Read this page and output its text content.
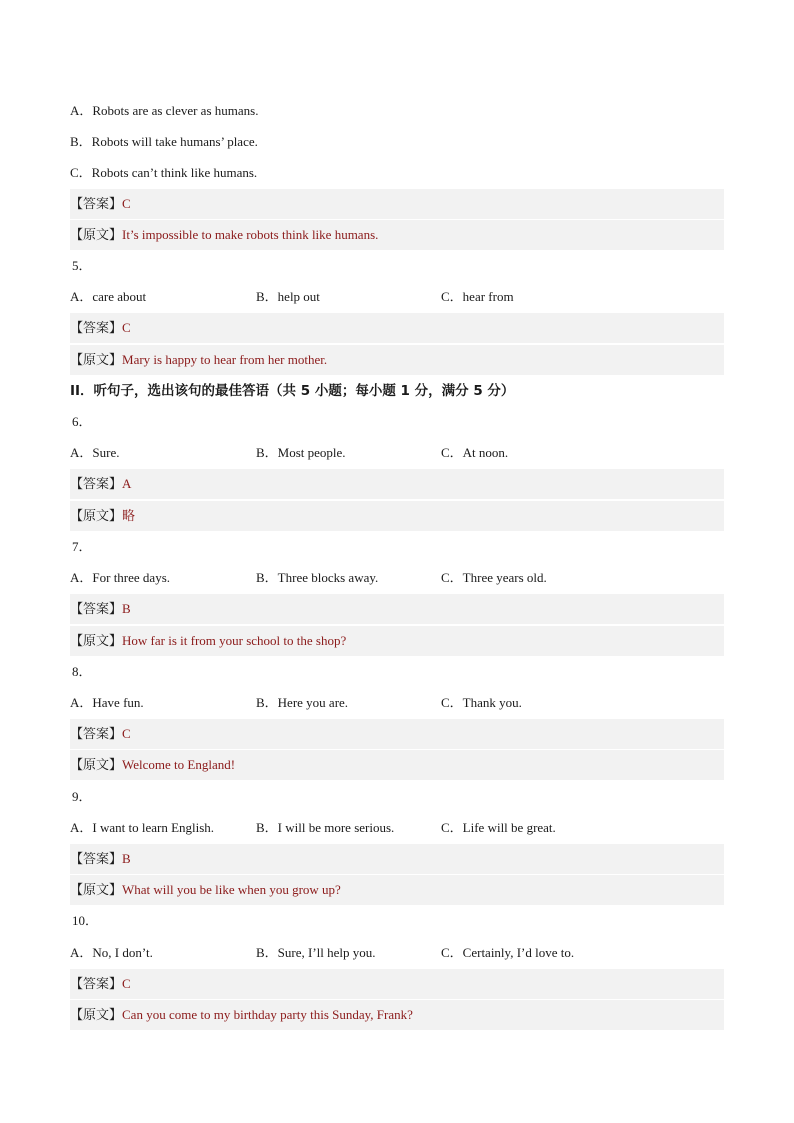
A．Robots are as clever as humans.
B．Robots will take humans’ place.
C．Robots can’t think like humans.
【答案】C
【原文】It’s impossible to make robots think like humans.
5．
A．care about	B．help out	C．hear from
【答案】C
【原文】Mary is happy to hear from her mother.
II．听句子，选出该句的最佳答语（共 5 小题；每小题 1 分，满分 5 分）
6．
A．Sure.	B．Most people.	C．At noon.
【答案】A
【原文】略
7．
A．For three days.	B．Three blocks away.	C．Three years old.
【答案】B
【原文】How far is it from your school to the shop?
8．
A．Have fun.	B．Here you are.	C．Thank you.
【答案】C
【原文】Welcome to England!
9．
A．I want to learn English.	B．I will be more serious.	C．Life will be great.
【答案】B
【原文】What will you be like when you grow up?
10．
A．No, I don’t.	B．Sure, I’ll help you.	C．Certainly, I’d love to.
【答案】C
【原文】Can you come to my birthday party this Sunday, Frank?
